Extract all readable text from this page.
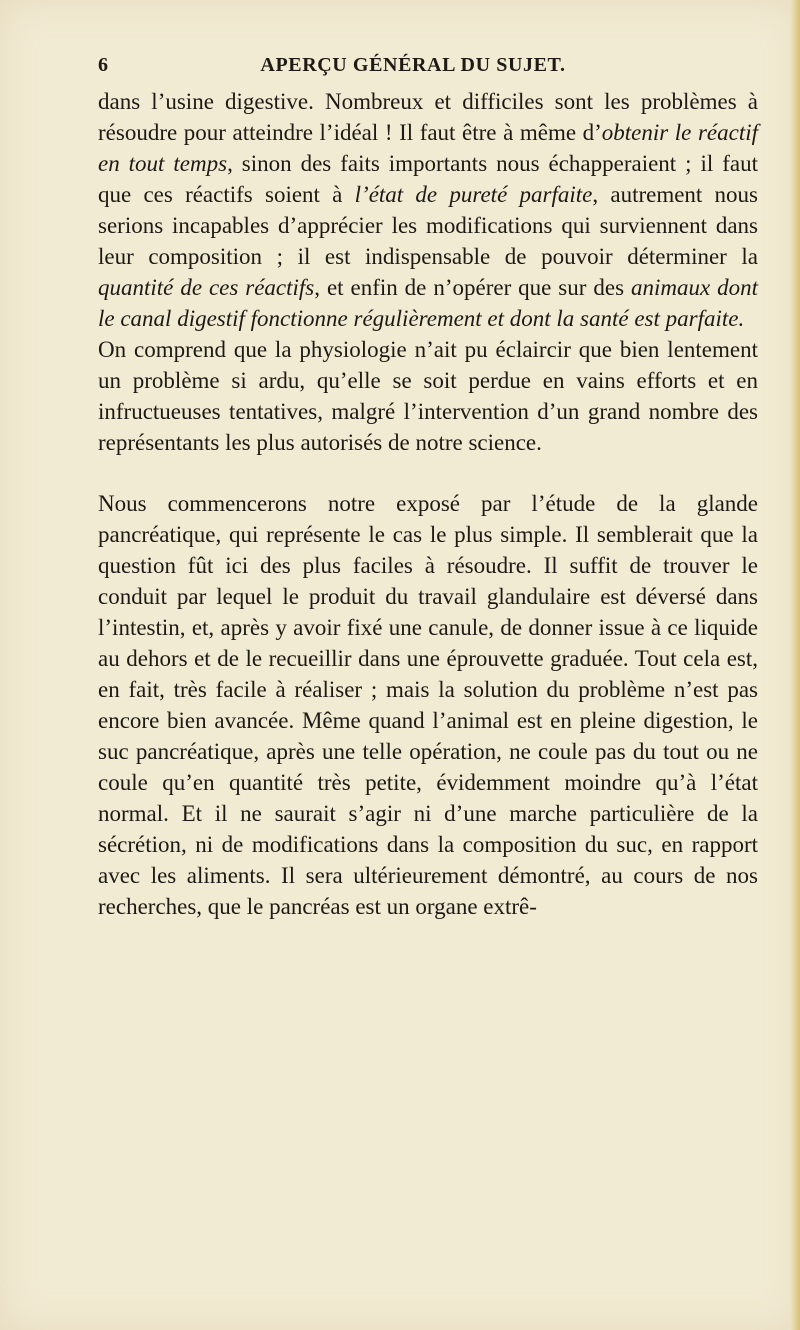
6	APERÇU GÉNÉRAL DU SUJET.

dans l’usine digestive. Nombreux et difficiles sont les problèmes à résoudre pour atteindre l’idéal ! Il faut être à même d’obtenir le réactif en tout temps, sinon des faits importants nous échapperaient ; il faut que ces réactifs soient à l’état de pureté parfaite, autrement nous serions incapables d’apprécier les modifications qui surviennent dans leur composition ; il est indispensable de pouvoir déterminer la quantité de ces réactifs, et enfin de n’opérer que sur des animaux dont le canal digestif fonctionne régulièrement et dont la santé est parfaite.

On comprend que la physiologie n’ait pu éclaircir que bien lentement un problème si ardu, qu’elle se soit perdue en vains efforts et en infructueuses tentatives, malgré l’intervention d’un grand nombre des représentants les plus autorisés de notre science.

Nous commencerons notre exposé par l’étude de la glande pancréatique, qui représente le cas le plus simple. Il semblerait que la question fût ici des plus faciles à résoudre. Il suffit de trouver le conduit par lequel le produit du travail glandulaire est déversé dans l’intestin, et, après y avoir fixé une canule, de donner issue à ce liquide au dehors et de le recueillir dans une éprouvette graduée. Tout cela est, en fait, très facile à réaliser ; mais la solution du problème n’est pas encore bien avancée. Même quand l’animal est en pleine digestion, le suc pancréatique, après une telle opération, ne coule pas du tout ou ne coule qu’en quantité très petite, évidemment moindre qu’à l’état normal. Et il ne saurait s’agir ni d’une marche particulière de la sécrétion, ni de modifications dans la composition du suc, en rapport avec les aliments. Il sera ultérieurement démontré, au cours de nos recherches, que le pancréas est un organe extrê-
